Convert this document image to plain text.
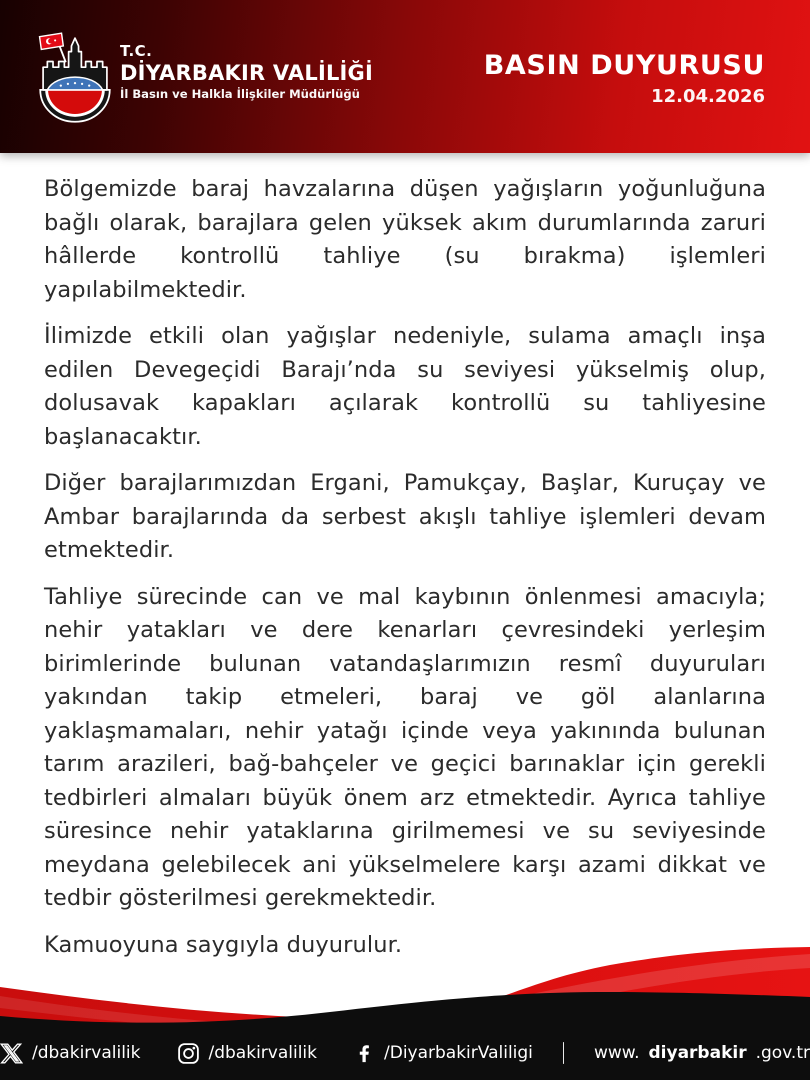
T.C.
DİYARBAKIR VALİLİĞİ
İl Basın ve Halkla İlişkiler Müdürlüğü
BASIN DUYURUSU
12.04.2026

Bölgemizde baraj havzalarına düşen yağışların yoğunluğuna bağlı olarak, barajlara gelen yüksek akım durumlarında zaruri hâllerde kontrollü tahliye (su bırakma) işlemleri yapılabilmektedir.

İlimizde etkili olan yağışlar nedeniyle, sulama amaçlı inşa edilen Devegeçidi Barajı’nda su seviyesi yükselmiş olup, dolusavak kapakları açılarak kontrollü su tahliyesine başlanacaktır.

Diğer barajlarımızdan Ergani, Pamukçay, Başlar, Kuruçay ve Ambar barajlarında da serbest akışlı tahliye işlemleri devam etmektedir.

Tahliye sürecinde can ve mal kaybının önlenmesi amacıyla; nehir yatakları ve dere kenarları çevresindeki yerleşim birimlerinde bulunan vatandaşlarımızın resmî duyuruları yakından takip etmeleri, baraj ve göl alanlarına yaklaşmamaları, nehir yatağı içinde veya yakınında bulunan tarım arazileri, bağ-bahçeler ve geçici barınaklar için gerekli tedbirleri almaları büyük önem arz etmektedir. Ayrıca tahliye süresince nehir yataklarına girilmemesi ve su seviyesinde meydana gelebilecek ani yükselmelere karşı azami dikkat ve tedbir gösterilmesi gerekmektedir.

Kamuoyuna saygıyla duyurulur.

/dbakirvalilik	/dbakirvalilik	/DiyarbakirValiligi	www. diyarbakir .gov.tr
